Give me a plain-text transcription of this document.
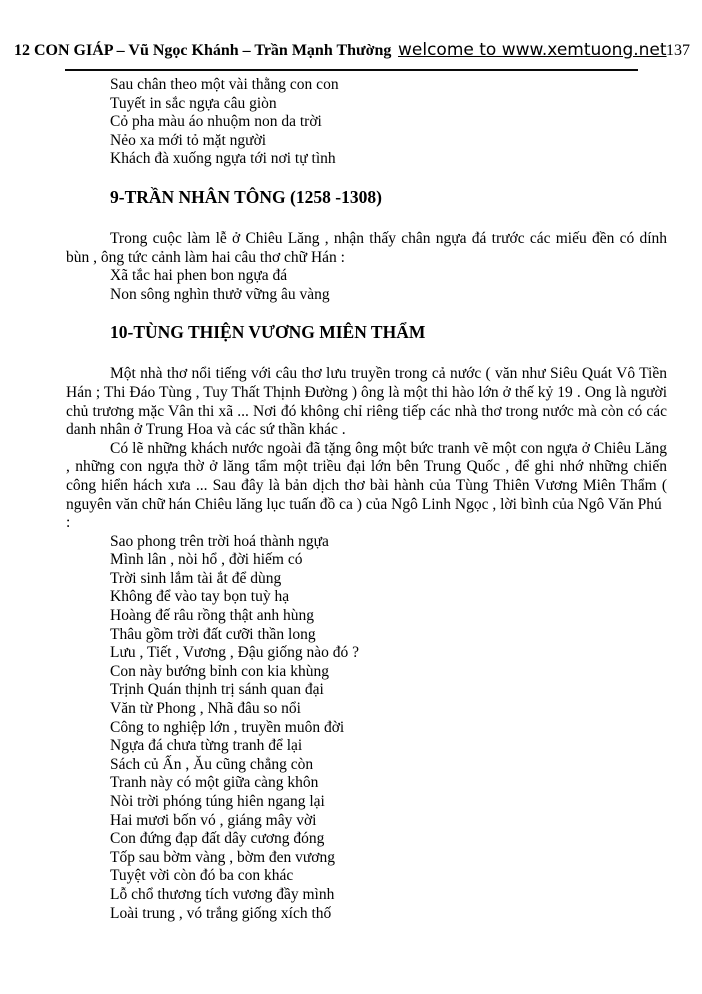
12 CON GIÁP – Vũ Ngọc Khánh – Trần Mạnh Thường welcome to www.xemtuong.net 137
Sau chân theo một vài thằng con con
Tuyết in sắc ngựa câu giòn
Cỏ pha màu áo nhuộm non da trời
Nẻo xa mới tỏ mặt người
Khách đà xuống ngựa tới nơi tự tình
9-TRẦN NHÂN TÔNG (1258 -1308)

Trong cuộc làm lễ ở Chiêu Lăng , nhận thấy chân ngựa đá trước các miếu đền có dính bùn , ông tức cảnh làm hai câu thơ chữ Hán :

Xã tắc hai phen bon ngựa đá
Non sông nghìn thưở vững âu vàng
10-TÙNG THIỆN VƯƠNG MIÊN THẨM

Một nhà thơ nổi tiếng với câu thơ lưu truyền trong cả nước ( văn như Siêu Quát Vô Tiền Hán ; Thi Đáo Tùng , Tuy Thất Thịnh Đường ) ông là một thi hào lớn ở thế kỷ 19 . Ong là người chủ trương mặc Vân thi xã ... Nơi đó không chỉ riêng tiếp các nhà thơ trong nước mà còn có các danh nhân ở Trung Hoa và các sứ thần khác .

Có lẽ những khách nước ngoài đã tặng ông một bức tranh vẽ một con ngựa ở Chiêu Lăng , những con ngựa thờ ở lăng tẩm một triều đại lớn bên Trung Quốc , để ghi nhớ những chiến công hiển hách xưa ... Sau đây là bản dịch thơ bài hành của Tùng Thiên Vương Miên Thẩm ( nguyên văn chữ hán Chiêu lăng lục tuấn đồ ca ) của Ngô Linh Ngọc , lời bình của Ngô Văn Phú

:

Sao phong trên trời hoá thành ngựa
Mình lân , nòi hổ , đời hiếm có
Trời sinh lắm tài ắt để dùng
Không để vào tay bọn tuỳ hạ
Hoàng đế râu rồng thật anh hùng
Thâu gồm trời đất cưỡi thần long
Lưu , Tiết , Vương , Đậu giống nào đó ?
Con này bướng bỉnh con kia khùng
Trịnh Quán thịnh trị sánh quan đại
Văn từ Phong , Nhã đâu so nổi
Công to nghiệp lớn , truyền muôn đời
Ngựa đá chưa từng tranh để lại
Sách củ Ấn , Ău cũng chẳng còn
Tranh này có một giữa càng khôn
Nòi trời phóng túng hiên ngang lại
Hai mươi bốn vó , giáng mây vời
Con đứng đạp đất dây cương đóng
Tốp sau bờm vàng , bờm đen vương
Tuyệt vời còn đó ba con khác
Lỗ chổ thương tích vương đầy mình
Loài trung , vó trắng giống xích thố
